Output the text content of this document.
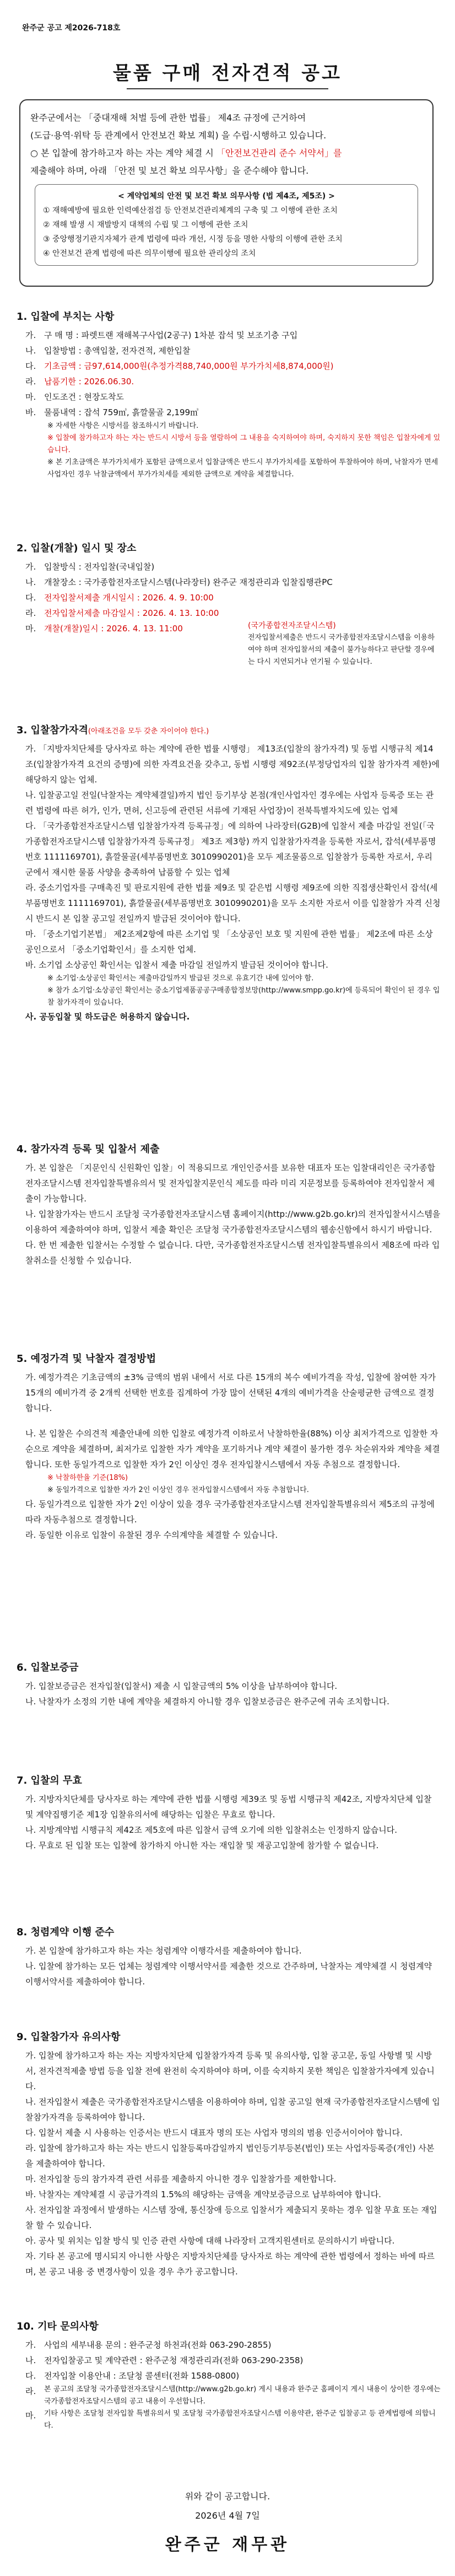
완주군 공고 제2026-718호
물품 구매 전자견적 공고

완주군에서는 「중대재해 처벌 등에 관한 법률」 제4조 규정에 근거하여

(도급·용역·위탁 등 관계에서 안전보건 확보 계획) 을 수립·시행하고 있습니다.

○ 본 입찰에 참가하고자 하는 자는 계약 체결 시 「안전보건관리 준수 서약서」를

제출해야 하며, 아래 「안전 및 보건 확보 의무사항」을 준수해야 합니다.

< 계약업체의 안전 및 보건 확보 의무사항 (법 제4조, 제5조) >
① 재해예방에 필요한 인력예산점검 등 안전보건관리체계의 구축 및 그 이행에 관한 조치
② 재해 발생 시 재발방지 대책의 수립 및 그 이행에 관한 조치
③ 중앙행정기관지자체가 관계 법령에 따라 개선, 시정 등을 명한 사항의 이행에 관한 조치
④ 안전보건 관계 법령에 따른 의무이행에 필요한 관리상의 조치
1. 입찰에 부치는 사항
가. 구 매 명 : 파렛트랜 재해복구사업(2공구) 1차분 잡석 및 보조기층 구입
나. 입찰방법 : 총액입찰, 전자견적, 제한입찰
다. 기초금액 : 금97,614,000원(추정가격88,740,000원 부가가치세8,874,000원)
라. 납품기한 : 2026.06.30.
마. 인도조건 : 현장도착도
바. 물품내역 : 잡석 759㎥, 흙깔물골 2,199㎥
※ 자세한 사항은 시방서를 참조하시기 바랍니다.
※ 입찰에 참가하고자 하는 자는 반드시 시방서 등을 열람하여 그 내용을 숙지하여야 하며, 숙지하지 못한 책임은 입찰자에게 있습니다.
※ 본 기초금액은 부가가치세가 포함된 금액으로서 입찰금액은 반드시 부가가치세를 포함하여 투찰하여야 하며, 낙찰자가 면세사업자인 경우 낙찰금액에서 부가가치세를 제외한 금액으로 계약을 체결합니다.
2. 입찰(개찰) 일시 및 장소
가. 입찰방식 : 전자입찰(국내입찰)
나. 개찰장소 : 국가종합전자조달시스템(나라장터) 완주군 재정관리과 입찰집행관PC
다. 전자입찰서제출 개시일시 : 2026. 4. 9. 10:00
라. 전자입찰서제출 마감일시 : 2026. 4. 13. 10:00
마. 개찰(개찰)일시 : 2026. 4. 13. 11:00	(국가종합전자조달시스템)
전자입찰서제출은 반드시 국가종합전자조달시스템을 이용하여야 하며 전자입찰서의 제출이 불가능하다고 판단할 경우에는 다시 지연되거나 연기될 수 있습니다.
3. 입찰참가자격(아래조건을 모두 갖춘 자이어야 한다.)
가. 「지방자치단체를 당사자로 하는 계약에 관한 법률 시행령」 제13조(입찰의 참가자격) 및 동법 시행규칙 제14조(입찰참가자격 요건의 증명)에 의한 자격요건을 갖추고, 동법 시행령 제92조(부정당업자의 입찰 참가자격 제한)에 해당하지 않는 업체.
나. 입찰공고일 전일(낙찰자는 계약체결일)까지 법인 등기부상 본점(개인사업자인 경우에는 사업자 등록증 또는 관련 법령에 따른 허가, 인가, 면허, 신고등에 관련된 서류에 기재된 사업장)이 전북특별자치도에 있는 업체
다. 「국가종합전자조달시스템 입찰참가자격 등록규정」에 의하여 나라장터(G2B)에 입찰서 제출 마감일 전일(「국가종합전자조달시스템 입찰참가자격 등록규정」 제3조 제3항) 까지 입찰참가자격을 등록한 자로서, 잡석(세부품명번호 1111169701), 흙깔물골(세부품명번호 3010990201)을 모두 제조물품으로 입찰참가 등록한 자로서, 우리 군에서 재시한 물품 사양을 충족하여 납품할 수 있는 업체
라. 중소기업자를 구매촉진 및 판로지원에 관한 법률 제9조 및 같은법 시행령 제9조에 의한 직접생산확인서 잡석(세부품명번호 1111169701), 흙깔물골(세부품명번호 3010990201)을 모두 소지한 자로서 이를 입찰참가 자격 신청 시 반드시 본 입찰 공고일 전일까지 발급된 것이어야 합니다.
마. 「중소기업기본법」 제2조제2항에 따른 소기업 및 「소상공인 보호 및 지원에 관한 법률」 제2조에 따른 소상공인으로서 「중소기업확인서」를 소지한 업체.
바. 소기업 소상공인 확인서는 입찰서 제출 마감일 전일까지 발급된 것이어야 합니다.
※ 소기업·소상공인 확인서는 제출마감일까지 발급된 것으로 유효기간 내에 있어야 함.
※ 참가 소기업·소상공인 확인서는 중소기업제품공공구매종합정보망(http://www.smpp.go.kr)에 등록되어 확인이 된 경우 입찰 참가자격이 있습니다.
사. 공동입찰 및 하도급은 허용하지 않습니다.
4. 참가자격 등록 및 입찰서 제출
가. 본 입찰은 「지문인식 신원확인 입찰」이 적용되므로 개인인증서를 보유한 대표자 또는 입찰대리인은 국가종합전자조달시스템 전자입찰특별유의서 및 전자입찰지문인식 제도를 따라 미리 지문정보를 등록하여야 전자입찰서 제출이 가능합니다.
나. 입찰참가자는 반드시 조달청 국가종합전자조달시스템 홈페이지(http://www.g2b.go.kr)의 전자입찰서시스템을 이용하여 제출하여야 하며, 입찰서 제출 확인은 조달청 국가종합전자조달시스템의 웹송신함에서 하시기 바랍니다.
다. 한 번 제출한 입찰서는 수정할 수 없습니다. 다만, 국가종합전자조달시스템 전자입찰특별유의서 제8조에 따라 입찰취소를 신청할 수 있습니다.
5. 예정가격 및 낙찰자 결정방법
가. 예정가격은 기초금액의 ±3% 금액의 범위 내에서 서로 다른 15개의 복수 예비가격을 작성, 입찰에 참여한 자가 15개의 예비가격 중 2개씩 선택한 번호를 집계하여 가장 많이 선택된 4개의 예비가격을 산술평균한 금액으로 결정합니다.
나. 본 입찰은 수의견적 제출안내에 의한 입찰로 예정가격 이하로서 낙찰하한율(88%) 이상 최저가격으로 입찰한 자 순으로 계약을 체결하며, 최저가로 입찰한 자가 계약을 포기하거나 계약 체결이 불가한 경우 차순위자와 계약을 체결합니다. 또한 동일가격으로 입찰한 자가 2인 이상인 경우 전자입찰시스템에서 자동 추첨으로 결정합니다.
※ 낙찰하한율 기준(18%)
※ 동일가격으로 입찰한 자가 2인 이상인 경우 전자입찰시스템에서 자동 추첨합니다.
다. 동일가격으로 입찰한 자가 2인 이상이 있을 경우 국가종합전자조달시스템 전자입찰특별유의서 제5조의 규정에 따라 자동추첨으로 결정합니다.
라. 동일한 이유로 입찰이 유찰된 경우 수의계약을 체결할 수 있습니다.
6. 입찰보증금
가. 입찰보증금은 전자입찰(입찰서) 제출 시 입찰금액의 5% 이상을 납부하여야 합니다.
나. 낙찰자가 소정의 기한 내에 계약을 체결하지 아니할 경우 입찰보증금은 완주군에 귀속 조치합니다.
7. 입찰의 무효
가. 지방자치단체를 당사자로 하는 계약에 관한 법률 시행령 제39조 및 동법 시행규칙 제42조, 지방자치단체 입찰 및 계약집행기준 제1장 입찰유의서에 해당하는 입찰은 무효로 합니다.
나. 지방계약법 시행규칙 제42조 제5호에 따른 입찰서 금액 오기에 의한 입찰취소는 인정하지 않습니다.
다. 무효로 된 입찰 또는 입찰에 참가하지 아니한 자는 재입찰 및 재공고입찰에 참가할 수 없습니다.
8. 청렴계약 이행 준수
가. 본 입찰에 참가하고자 하는 자는 청렴계약 이행각서를 제출하여야 합니다.
나. 입찰에 참가하는 모든 업체는 청렴계약 이행서약서를 제출한 것으로 간주하며, 낙찰자는 계약체결 시 청렴계약 이행서약서를 제출하여야 합니다.
9. 입찰참가자 유의사항
가. 입찰에 참가하고자 하는 자는 지방자치단체 입찰참가자격 등록 및 유의사항, 입찰 공고문, 동일 사항별 및 시방서, 전자견적제출 방법 등을 입찰 전에 완전히 숙지하여야 하며, 이를 숙지하지 못한 책임은 입찰참가자에게 있습니다.
나. 전자입찰서 제출은 국가종합전자조달시스템을 이용하여야 하며, 입찰 공고일 현재 국가종합전자조달시스템에 입찰참가자격을 등록하여야 합니다.
다. 입찰서 제출 시 사용하는 인증서는 반드시 대표자 명의 또는 사업자 명의의 범용 인증서이어야 합니다.
라. 입찰에 참가하고자 하는 자는 반드시 입찰등록마감일까지 법인등기부등본(법인) 또는 사업자등록증(개인) 사본을 제출하여야 합니다.
마. 전자입찰 등의 참가자격 관련 서류를 제출하지 아니한 경우 입찰참가를 제한합니다.
바. 낙찰자는 계약체결 시 공급가격의 1.5%의 해당하는 금액을 계약보증금으로 납부하여야 합니다.
사. 전자입찰 과정에서 발생하는 시스템 장애, 통신장애 등으로 입찰서가 제출되지 못하는 경우 입찰 무효 또는 재입찰 할 수 있습니다.
아. 공사 및 위치는 입찰 방식 및 인증 관련 사항에 대해 나라장터 고객지원센터로 문의하시기 바랍니다.
자. 기타 본 공고에 명시되지 아니한 사항은 지방자치단체를 당사자로 하는 계약에 관한 법령에서 정하는 바에 따르며, 본 공고 내용 중 변경사항이 있을 경우 추가 공고합니다.
10. 기타 문의사항
가. 사업의 세부내용 문의 : 완주군청 하천과(전화 063-290-2855)
나. 전자입찰공고 및 계약관련 : 완주군청 재정관리과(전화 063-290-2358)
다. 전자입찰 이용안내 : 조달청 콜센터(전화 1588-0800)
라.	본 공고의 조달청 국가종합전자조달시스템(http://www.g2b.go.kr) 게시 내용과 완주군 홈페이지 게시 내용이 상이한 경우에는 국가종합전자조달시스템의 공고 내용이 우선합니다.
마.	기타 사항은 조달청 전자입찰 특별유의서 및 조달청 국가종합전자조달시스템 이용약관, 완주군 입찰공고 등 관계법령에 의합니다.
위와 같이 공고합니다.
2026년 4월 7일
완주군 재무관
